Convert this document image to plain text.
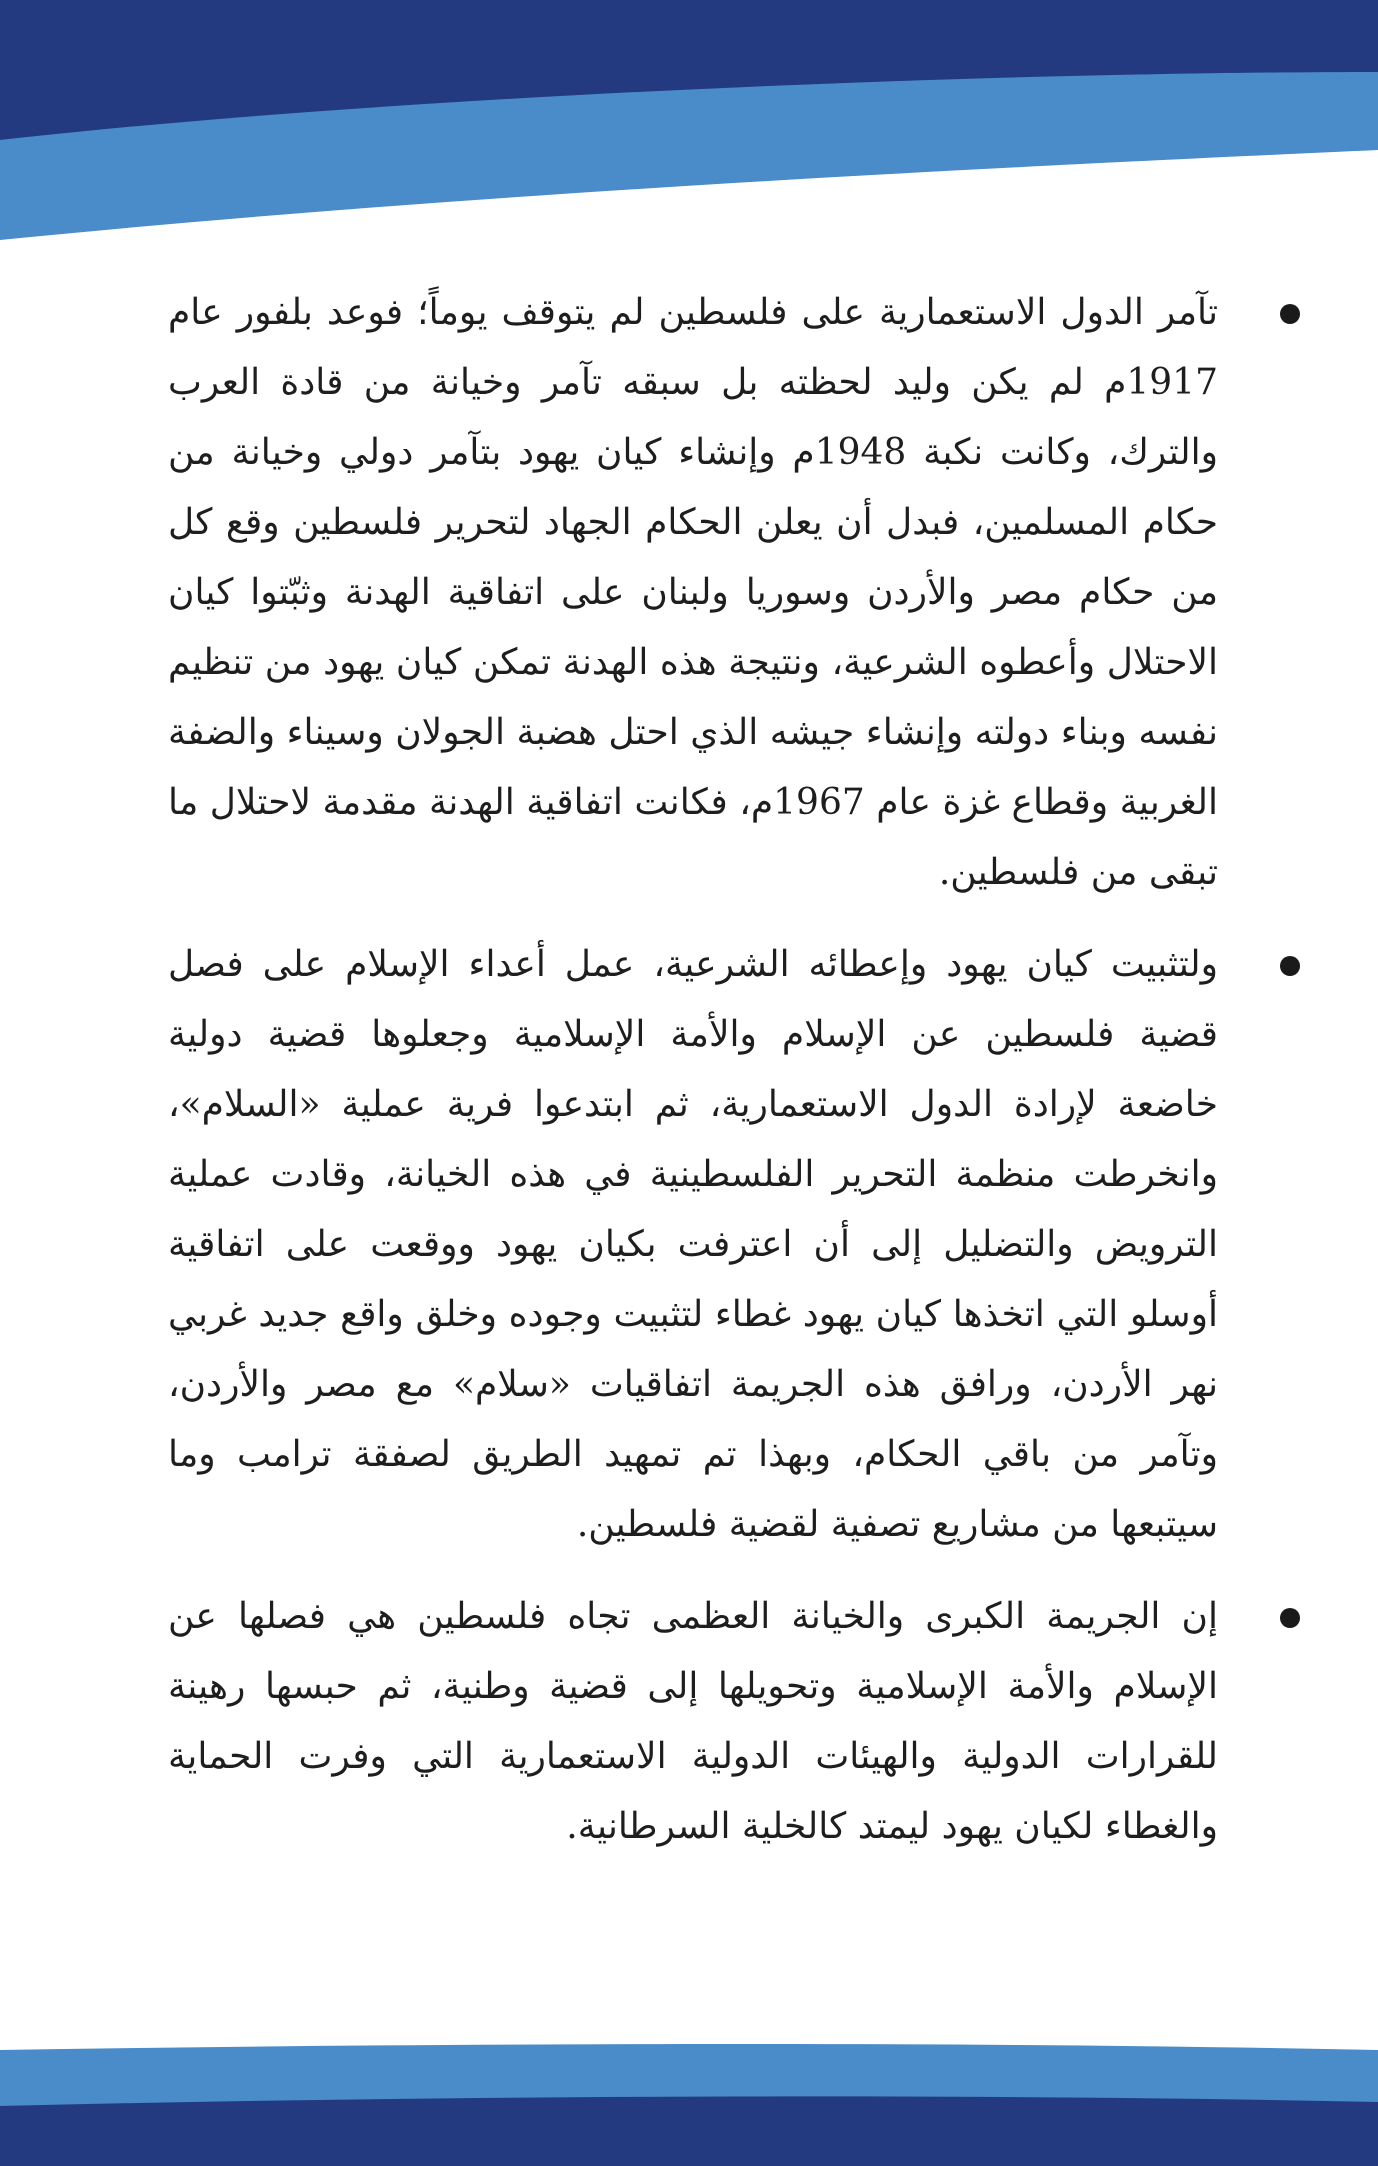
تآمر الدول الاستعمارية على فلسطين لم يتوقف يوماً؛ فوعد بلفور عام 1917م لم يكن وليد لحظته بل سبقه تآمر وخيانة من قادة العرب والترك، وكانت نكبة 1948م وإنشاء كيان يهود بتآمر دولي وخيانة من حكام المسلمين، فبدل أن يعلن الحكام الجهاد لتحرير فلسطين وقع كل من حكام مصر والأردن وسوريا ولبنان على اتفاقية الهدنة وثبّتوا كيان الاحتلال وأعطوه الشرعية، ونتيجة هذه الهدنة تمكن كيان يهود من تنظيم نفسه وبناء دولته وإنشاء جيشه الذي احتل هضبة الجولان وسيناء والضفة الغربية وقطاع غزة عام 1967م، فكانت اتفاقية الهدنة مقدمة لاحتلال ما تبقى من فلسطين.
ولتثبيت كيان يهود وإعطائه الشرعية، عمل أعداء الإسلام على فصل قضية فلسطين عن الإسلام والأمة الإسلامية وجعلوها قضية دولية خاضعة لإرادة الدول الاستعمارية، ثم ابتدعوا فرية عملية «السلام»، وانخرطت منظمة التحرير الفلسطينية في هذه الخيانة، وقادت عملية الترويض والتضليل إلى أن اعترفت بكيان يهود ووقعت على اتفاقية أوسلو التي اتخذها كيان يهود غطاء لتثبيت وجوده وخلق واقع جديد غربي نهر الأردن، ورافق هذه الجريمة اتفاقيات «سلام» مع مصر والأردن، وتآمر من باقي الحكام، وبهذا تم تمهيد الطريق لصفقة ترامب وما سيتبعها من مشاريع تصفية لقضية فلسطين.
إن الجريمة الكبرى والخيانة العظمى تجاه فلسطين هي فصلها عن الإسلام والأمة الإسلامية وتحويلها إلى قضية وطنية، ثم حبسها رهينة للقرارات الدولية والهيئات الدولية الاستعمارية التي وفرت الحماية والغطاء لكيان يهود ليمتد كالخلية السرطانية.
